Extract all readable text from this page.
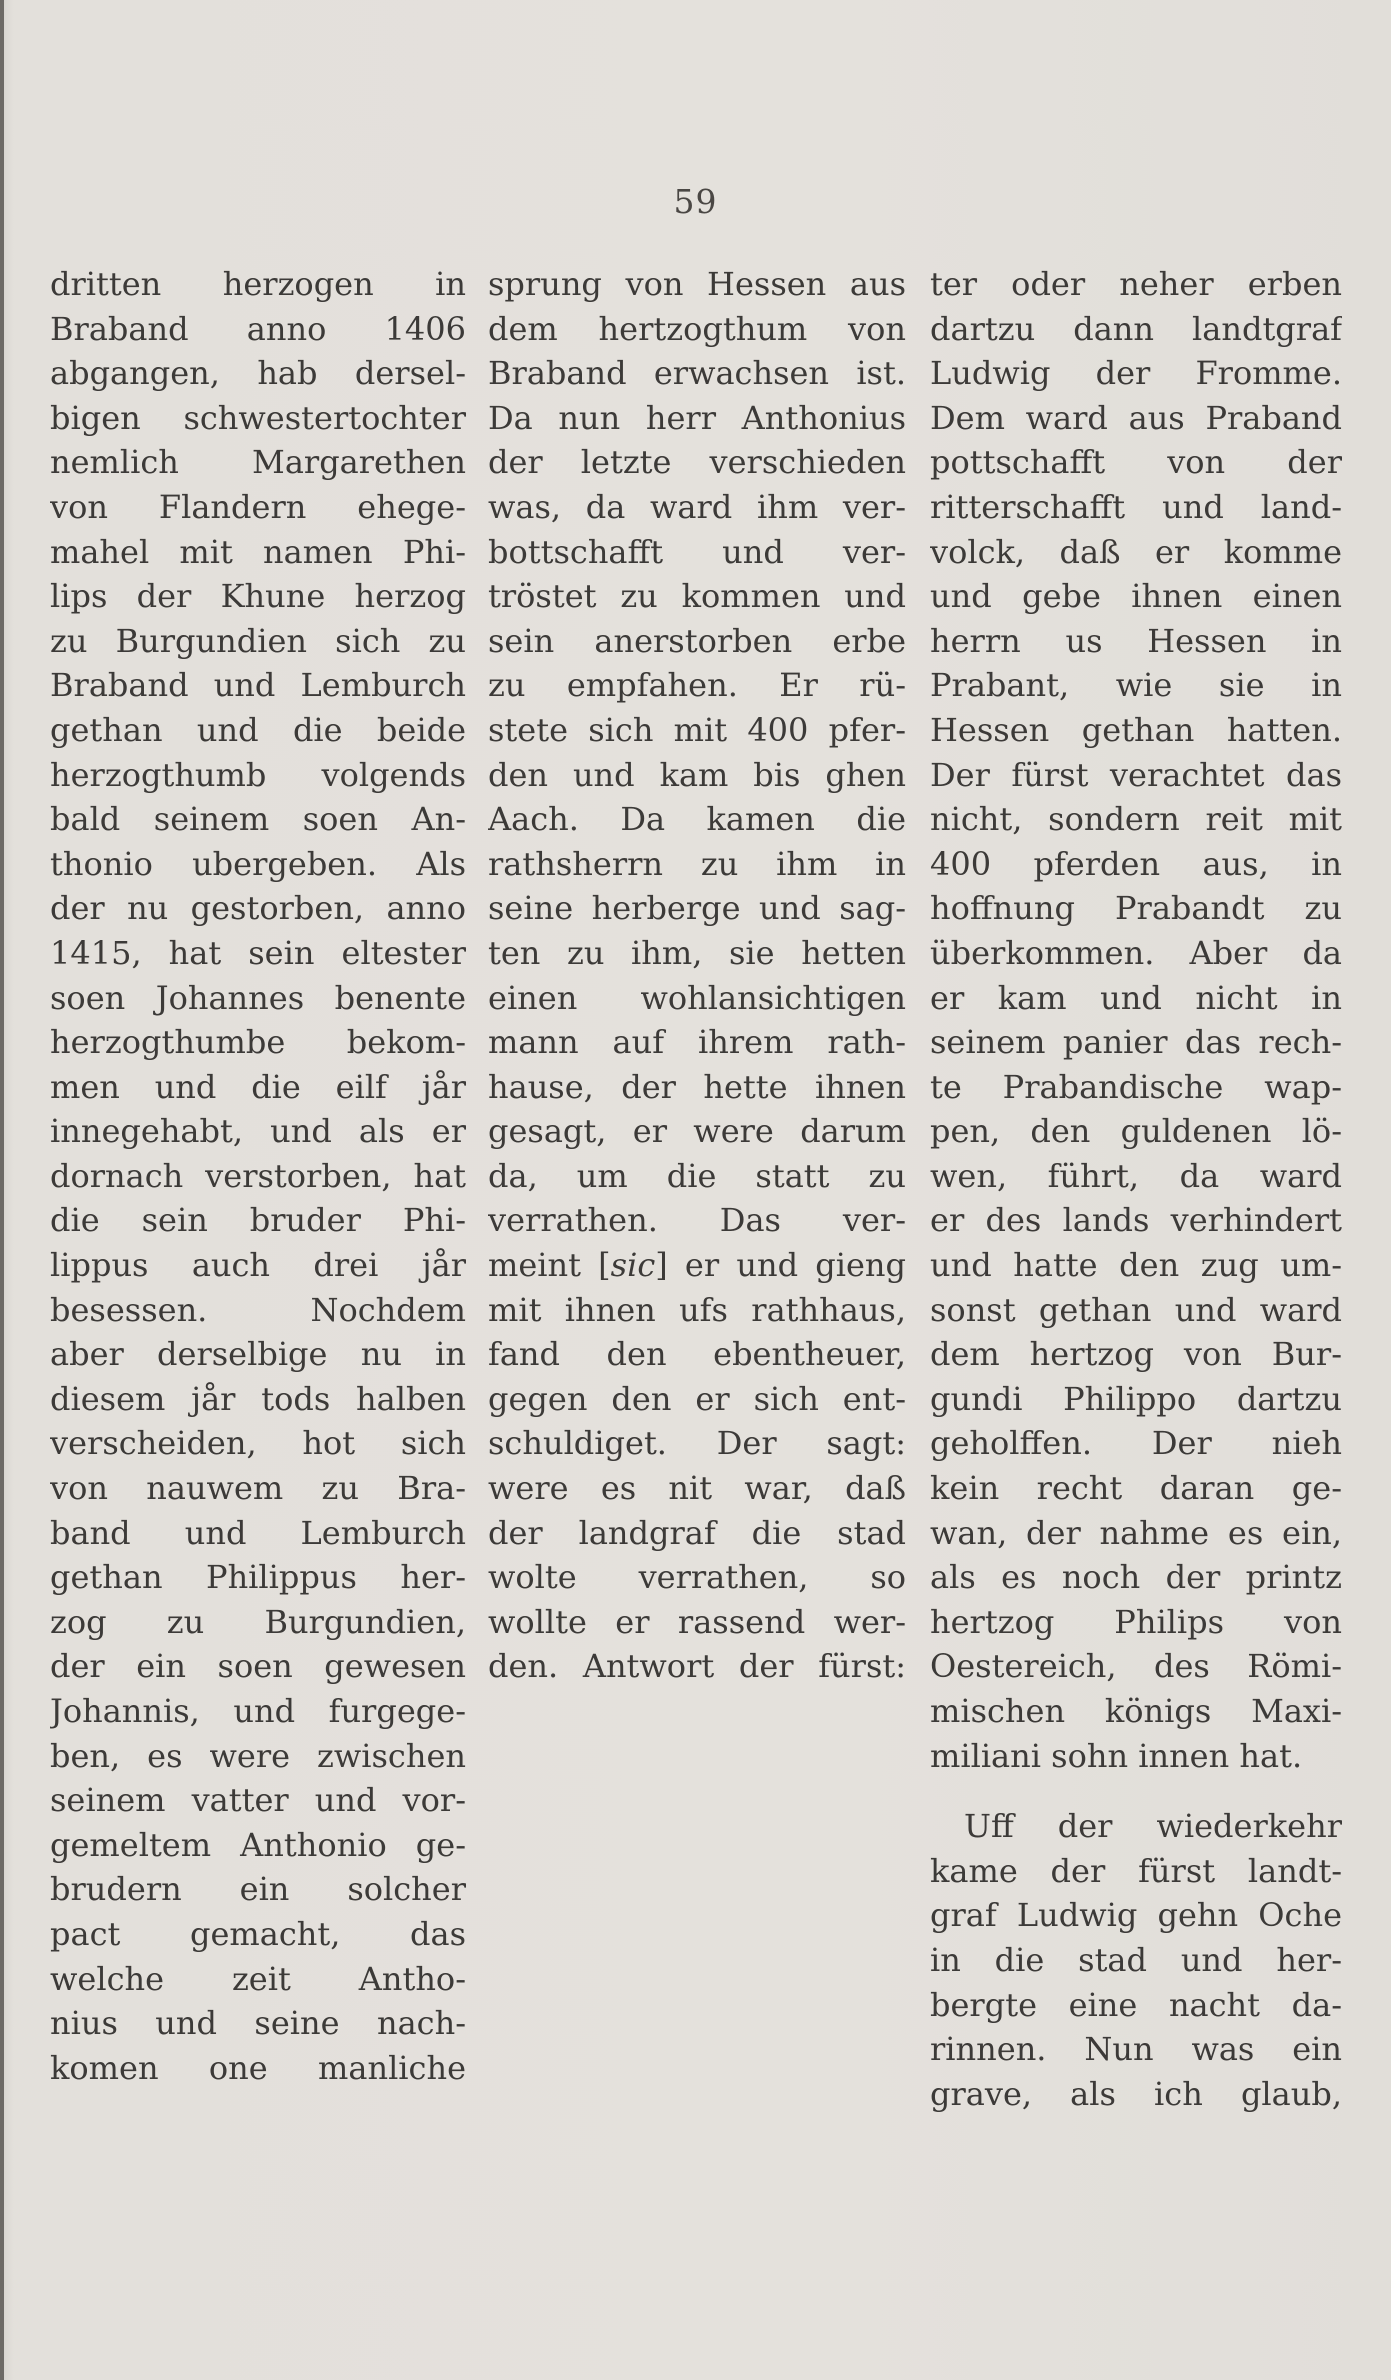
59
dritten herzogen in
Braband anno 1406
abgangen, hab dersel-
bigen schwestertochter
nemlich Margarethen
von Flandern ehege-
mahel mit namen Phi-
lips der Khune herzog
zu Burgundien sich zu
Braband und Lemburch
gethan und die beide
herzogthumb volgends
bald seinem soen An-
thonio ubergeben. Als
der nu gestorben, anno
1415, hat sein eltester
soen Johannes benente
herzogthumbe bekom-
men und die eilf jår
innegehabt, und als er
dornach verstorben, hat
die sein bruder Phi-
lippus auch drei jår
besessen. Nochdem
aber derselbige nu in
diesem jår tods halben
verscheiden, hot sich
von nauwem zu Bra-
band und Lemburch
gethan Philippus her-
zog zu Burgundien,
der ein soen gewesen
Johannis, und furgege-
ben, es were zwischen
seinem vatter und vor-
gemeltem Anthonio ge-
brudern ein solcher
pact gemacht, das
welche zeit Antho-
nius und seine nach-
komen one manliche
sprung von Hessen aus
dem hertzogthum von
Braband erwachsen ist.
Da nun herr Anthonius
der letzte verschieden
was, da ward ihm ver-
bottschafft und ver-
tröstet zu kommen und
sein anerstorben erbe
zu empfahen. Er rü-
stete sich mit 400 pfer-
den und kam bis ghen
Aach. Da kamen die
rathsherrn zu ihm in
seine herberge und sag-
ten zu ihm, sie hetten
einen wohlansichtigen
mann auf ihrem rath-
hause, der hette ihnen
gesagt, er were darum
da, um die statt zu
verrathen. Das ver-
meint [sic] er und gieng
mit ihnen ufs rathhaus,
fand den ebentheuer,
gegen den er sich ent-
schuldiget. Der sagt:
were es nit war, daß
der landgraf die stad
wolte verrathen, so
wollte er rassend wer-
den. Antwort der fürst:
ter oder neher erben
dartzu dann landtgraf
Ludwig der Fromme.
Dem ward aus Praband
pottschafft von der
ritterschafft und land-
volck, daß er komme
und gebe ihnen einen
herrn us Hessen in
Prabant, wie sie in
Hessen gethan hatten.
Der fürst verachtet das
nicht, sondern reit mit
400 pferden aus, in
hoffnung Prabandt zu
überkommen. Aber da
er kam und nicht in
seinem panier das rech-
te Prabandische wap-
pen, den guldenen lö-
wen, führt, da ward
er des lands verhindert
und hatte den zug um-
sonst gethan und ward
dem hertzog von Bur-
gundi Philippo dartzu
geholffen. Der nieh
kein recht daran ge-
wan, der nahme es ein,
als es noch der printz
hertzog Philips von
Oestereich, des Römi-
mischen königs Maxi-
miliani sohn innen hat.
Uff der wiederkehr
kame der fürst landt-
graf Ludwig gehn Oche
in die stad und her-
bergte eine nacht da-
rinnen. Nun was ein
grave, als ich glaub,
